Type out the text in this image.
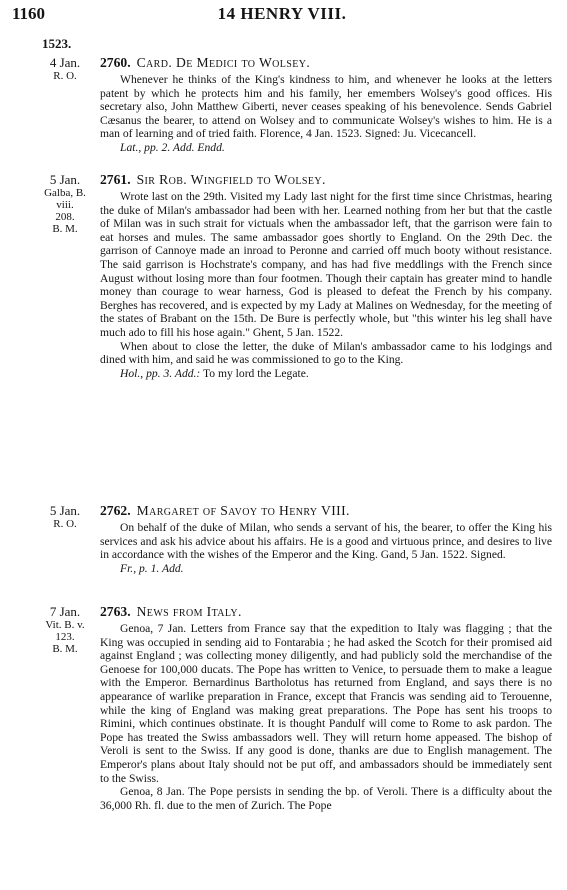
1160	14 HENRY VIII.
1523.
4 Jan.
R. O.
2760. Card. De Medici to Wolsey.

Whenever he thinks of the King's kindness to him, and whenever he looks at the letters patent by which he protects him and his family, her emembers Wolsey's good offices. His secretary also, John Matthew Giberti, never ceases speaking of his benevolence. Sends Gabriel Cæsanus the bearer, to attend on Wolsey and to communicate Wolsey's wishes to him. He is a man of learning and of tried faith. Florence, 4 Jan. 1523. Signed: Ju. Vicecancell.

Lat., pp. 2. Add. Endd.
5 Jan.
Galba, B. viii.
208.
B. M.
2761. Sir Rob. Wingfield to Wolsey.

Wrote last on the 29th. Visited my Lady last night for the first time since Christmas, hearing the duke of Milan's ambassador had been with her. Learned nothing from her but that the castle of Milan was in such strait for victuals when the ambassador left, that the garrison were fain to eat horses and mules. The same ambassador goes shortly to England. On the 29th Dec. the garrison of Cannoye made an inroad to Peronne and carried off much booty without resistance. The said garrison is Hochstrate's company, and has had five meddlings with the French since August without losing more than four footmen. Though their captain has greater mind to handle money than courage to wear harness, God is pleased to defeat the French by his company. Berghes has recovered, and is expected by my Lady at Malines on Wednesday, for the meeting of the states of Brabant on the 15th. De Bure is perfectly whole, but "this winter his leg shall have much ado to fill his hose again." Ghent, 5 Jan. 1522.

When about to close the letter, the duke of Milan's ambassador came to his lodgings and dined with him, and said he was commissioned to go to the King.

Hol., pp. 3. Add.: To my lord the Legate.
5 Jan.
R. O.
2762. Margaret of Savoy to Henry VIII.

On behalf of the duke of Milan, who sends a servant of his, the bearer, to offer the King his services and ask his advice about his affairs. He is a good and virtuous prince, and desires to live in accordance with the wishes of the Emperor and the King. Gand, 5 Jan. 1522. Signed.

Fr., p. 1. Add.
7 Jan.
Vit. B. v.
123.
B. M.
2763. News from Italy.

Genoa, 7 Jan. Letters from France say that the expedition to Italy was flagging ; that the King was occupied in sending aid to Fontarabia ; he had asked the Scotch for their promised aid against England ; was collecting money diligently, and had publicly sold the merchandise of the Genoese for 100,000 ducats. The Pope has written to Venice, to persuade them to make a league with the Emperor. Bernardinus Bartholotus has returned from England, and says there is no appearance of warlike preparation in France, except that Francis was sending aid to Terouenne, while the king of England was making great preparations. The Pope has sent his troops to Rimini, which continues obstinate. It is thought Pandulf will come to Rome to ask pardon. The Pope has treated the Swiss ambassadors well. They will return home appeased. The bishop of Veroli is sent to the Swiss. If any good is done, thanks are due to English management. The Emperor's plans about Italy should not be put off, and ambassadors should be immediately sent to the Swiss.

Genoa, 8 Jan. The Pope persists in sending the bp. of Veroli. There is a difficulty about the 36,000 Rh. fl. due to the men of Zurich. The Pope
